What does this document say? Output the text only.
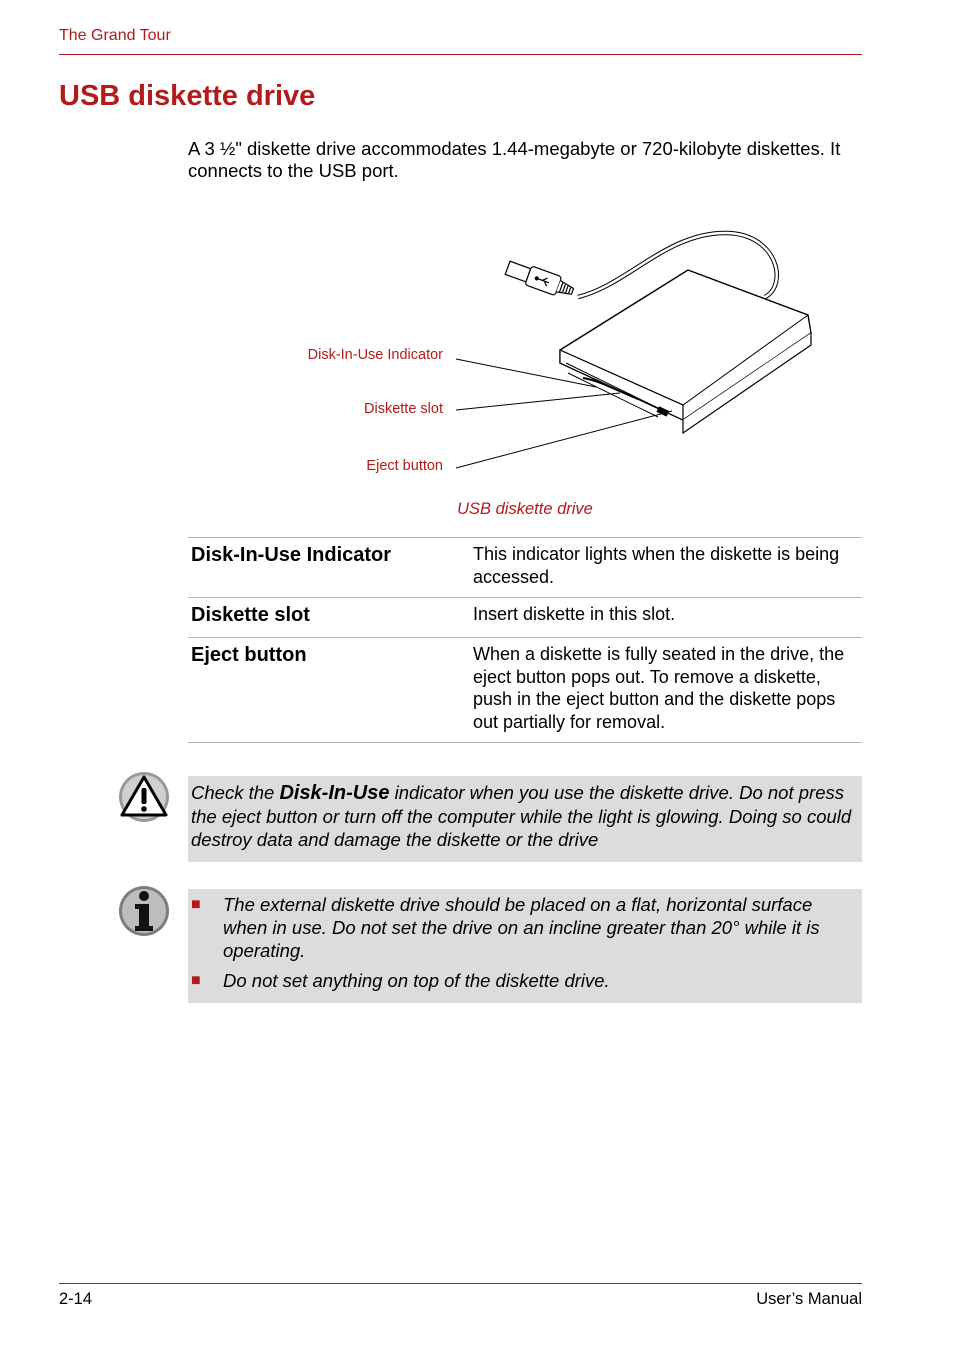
The Grand Tour
USB diskette drive

A 3 ½" diskette drive accommodates 1.44-megabyte or 720-kilobyte diskettes. It connects to the USB port.

Disk-In-Use Indicator
Diskette slot
Eject button
USB diskette drive
Disk-In-Use Indicator	This indicator lights when the diskette is being accessed.
Diskette slot	Insert diskette in this slot.
Eject button	When a diskette is fully seated in the drive, the eject button pops out. To remove a diskette, push in the eject button and the diskette pops out partially for removal.
Check the Disk-In-Use indicator when you use the diskette drive. Do not press the eject button or turn off the computer while the light is glowing. Doing so could destroy data and damage the diskette or the drive
■	The external diskette drive should be placed on a flat, horizontal surface when in use. Do not set the drive on an incline greater than 20° while it is operating.
■	Do not set anything on top of the diskette drive.
2-14	User’s Manual
